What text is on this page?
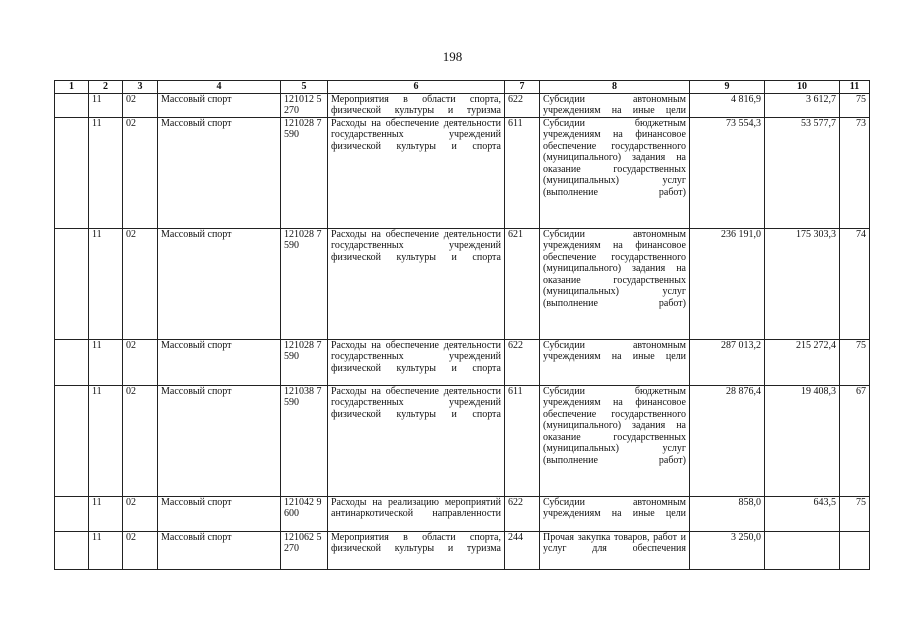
198
1	2	3	4	5	6	7	8	9	10	11
	11	02	Массовый спорт	121012 5270	Мероприятия в области спорта, физической культуры и туризма	622	Субсидии автономным учреждениям на иные цели	4 816,9	3 612,7	75
	11	02	Массовый спорт	121028 7590	Расходы на обеспечение деятельности государственных учреждений физической культуры и спорта	611	Субсидии бюджетным учреждениям на финансовое обеспечение государственного (муниципального) задания на оказание государственных (муниципальных) услуг (выполнение работ)	73 554,3	53 577,7	73
	11	02	Массовый спорт	121028 7590	Расходы на обеспечение деятельности государственных учреждений физической культуры и спорта	621	Субсидии автономным учреждениям на финансовое обеспечение государственного (муниципального) задания на оказание государственных (муниципальных) услуг (выполнение работ)	236 191,0	175 303,3	74
	11	02	Массовый спорт	121028 7590	Расходы на обеспечение деятельности государственных учреждений физической культуры и спорта	622	Субсидии автономным учреждениям на иные цели	287 013,2	215 272,4	75
	11	02	Массовый спорт	121038 7590	Расходы на обеспечение деятельности государственных учреждений физической культуры и спорта	611	Субсидии бюджетным учреждениям на финансовое обеспечение государственного (муниципального) задания на оказание государственных (муниципальных) услуг (выполнение работ)	28 876,4	19 408,3	67
	11	02	Массовый спорт	121042 9600	Расходы на реализацию мероприятий антинаркотической направленности	622	Субсидии автономным учреждениям на иные цели	858,0	643,5	75
	11	02	Массовый спорт	121062 5270	Мероприятия в области спорта, физической культуры и туризма	244	Прочая закупка товаров, работ и услуг для обеспечения	3 250,0		
